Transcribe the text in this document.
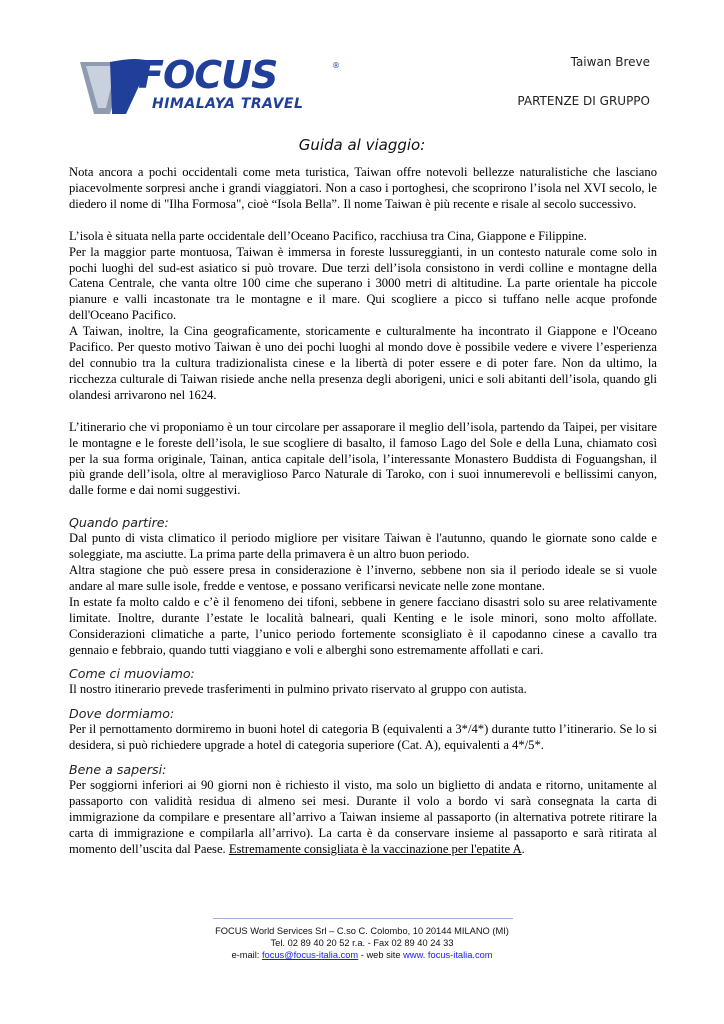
FOCUS	®
HIMALAYA TRAVEL
Taiwan Breve
PARTENZE DI GRUPPO
Guida al viaggio:

Nota ancora a pochi occidentali come meta turistica, Taiwan offre notevoli bellezze naturalistiche che lasciano piacevolmente sorpresi anche i grandi viaggiatori. Non a caso i portoghesi, che scoprirono l’isola nel XVI secolo, le diedero il nome di "Ilha Formosa", cioè “Isola Bella”. Il nome Taiwan è più recente e risale al secolo successivo.

L’isola è situata nella parte occidentale dell’Oceano Pacifico, racchiusa tra Cina, Giappone e Filippine.

Per la maggior parte montuosa, Taiwan è immersa in foreste lussureggianti, in un contesto naturale come solo in pochi luoghi del sud-est asiatico si può trovare. Due terzi dell’isola consistono in verdi colline e montagne della Catena Centrale, che vanta oltre 100 cime che superano i 3000 metri di altitudine. La parte orientale ha piccole pianure e valli incastonate tra le montagne e il mare. Qui scogliere a picco si tuffano nelle acque profonde dell'Oceano Pacifico.

A Taiwan, inoltre, la Cina geograficamente, storicamente e culturalmente ha incontrato il Giappone e l'Oceano Pacifico. Per questo motivo Taiwan è uno dei pochi luoghi al mondo dove è possibile vedere e vivere l’esperienza del connubio tra la cultura tradizionalista cinese e la libertà di poter essere e di poter fare. Non da ultimo, la ricchezza culturale di Taiwan risiede anche nella presenza degli aborigeni, unici e soli abitanti dell’isola, quando gli olandesi arrivarono nel 1624.

L’itinerario che vi proponiamo è un tour circolare per assaporare il meglio dell’isola, partendo da Taipei, per visitare le montagne e le foreste dell’isola, le sue scogliere di basalto, il famoso Lago del Sole e della Luna, chiamato così per la sua forma originale, Tainan, antica capitale dell’isola, l’interessante Monastero Buddista di Foguangshan, il più grande dell’isola, oltre al meraviglioso Parco Naturale di Taroko, con i suoi innumerevoli e bellissimi canyon, dalle forme e dai nomi suggestivi.

Quando partire:

Dal punto di vista climatico il periodo migliore per visitare Taiwan è l'autunno, quando le giornate sono calde e soleggiate, ma asciutte. La prima parte della primavera è un altro buon periodo.

Altra stagione che può essere presa in considerazione è l’inverno, sebbene non sia il periodo ideale se si vuole andare al mare sulle isole, fredde e ventose, e possano verificarsi nevicate nelle zone montane.

In estate fa molto caldo e c’è il fenomeno dei tifoni, sebbene in genere facciano disastri solo su aree relativamente limitate. Inoltre, durante l’estate le località balneari, quali Kenting e le isole minori, sono molto affollate. Considerazioni climatiche a parte, l’unico periodo fortemente sconsigliato è il capodanno cinese a cavallo tra gennaio e febbraio, quando tutti viaggiano e voli e alberghi sono estremamente affollati e cari.

Come ci muoviamo:

Il nostro itinerario prevede trasferimenti in pulmino privato riservato al gruppo con autista.

Dove dormiamo:

Per il pernottamento dormiremo in buoni hotel di categoria B (equivalenti a 3*/4*) durante tutto l’itinerario. Se lo si desidera, si può richiedere upgrade a hotel di categoria superiore (Cat. A), equivalenti a 4*/5*.

Bene a sapersi:

Per soggiorni inferiori ai 90 giorni non è richiesto il visto, ma solo un biglietto di andata e ritorno, unitamente al passaporto con validità residua di almeno sei mesi. Durante il volo a bordo vi sarà consegnata la carta di immigrazione da compilare e presentare all’arrivo a Taiwan insieme al passaporto (in alternativa potrete ritirare la carta di immigrazione e compilarla all’arrivo). La carta è da conservare insieme al passaporto e sarà ritirata al momento dell’uscita dal Paese. Estremamente consigliata è la vaccinazione per l'epatite A.

FOCUS World Services Srl – C.so C. Colombo, 10 20144 MILANO (MI)
Tel. 02 89 40 20 52 r.a. - Fax 02 89 40 24 33
e-mail: focus@focus-italia.com - web site www. focus-italia.com
